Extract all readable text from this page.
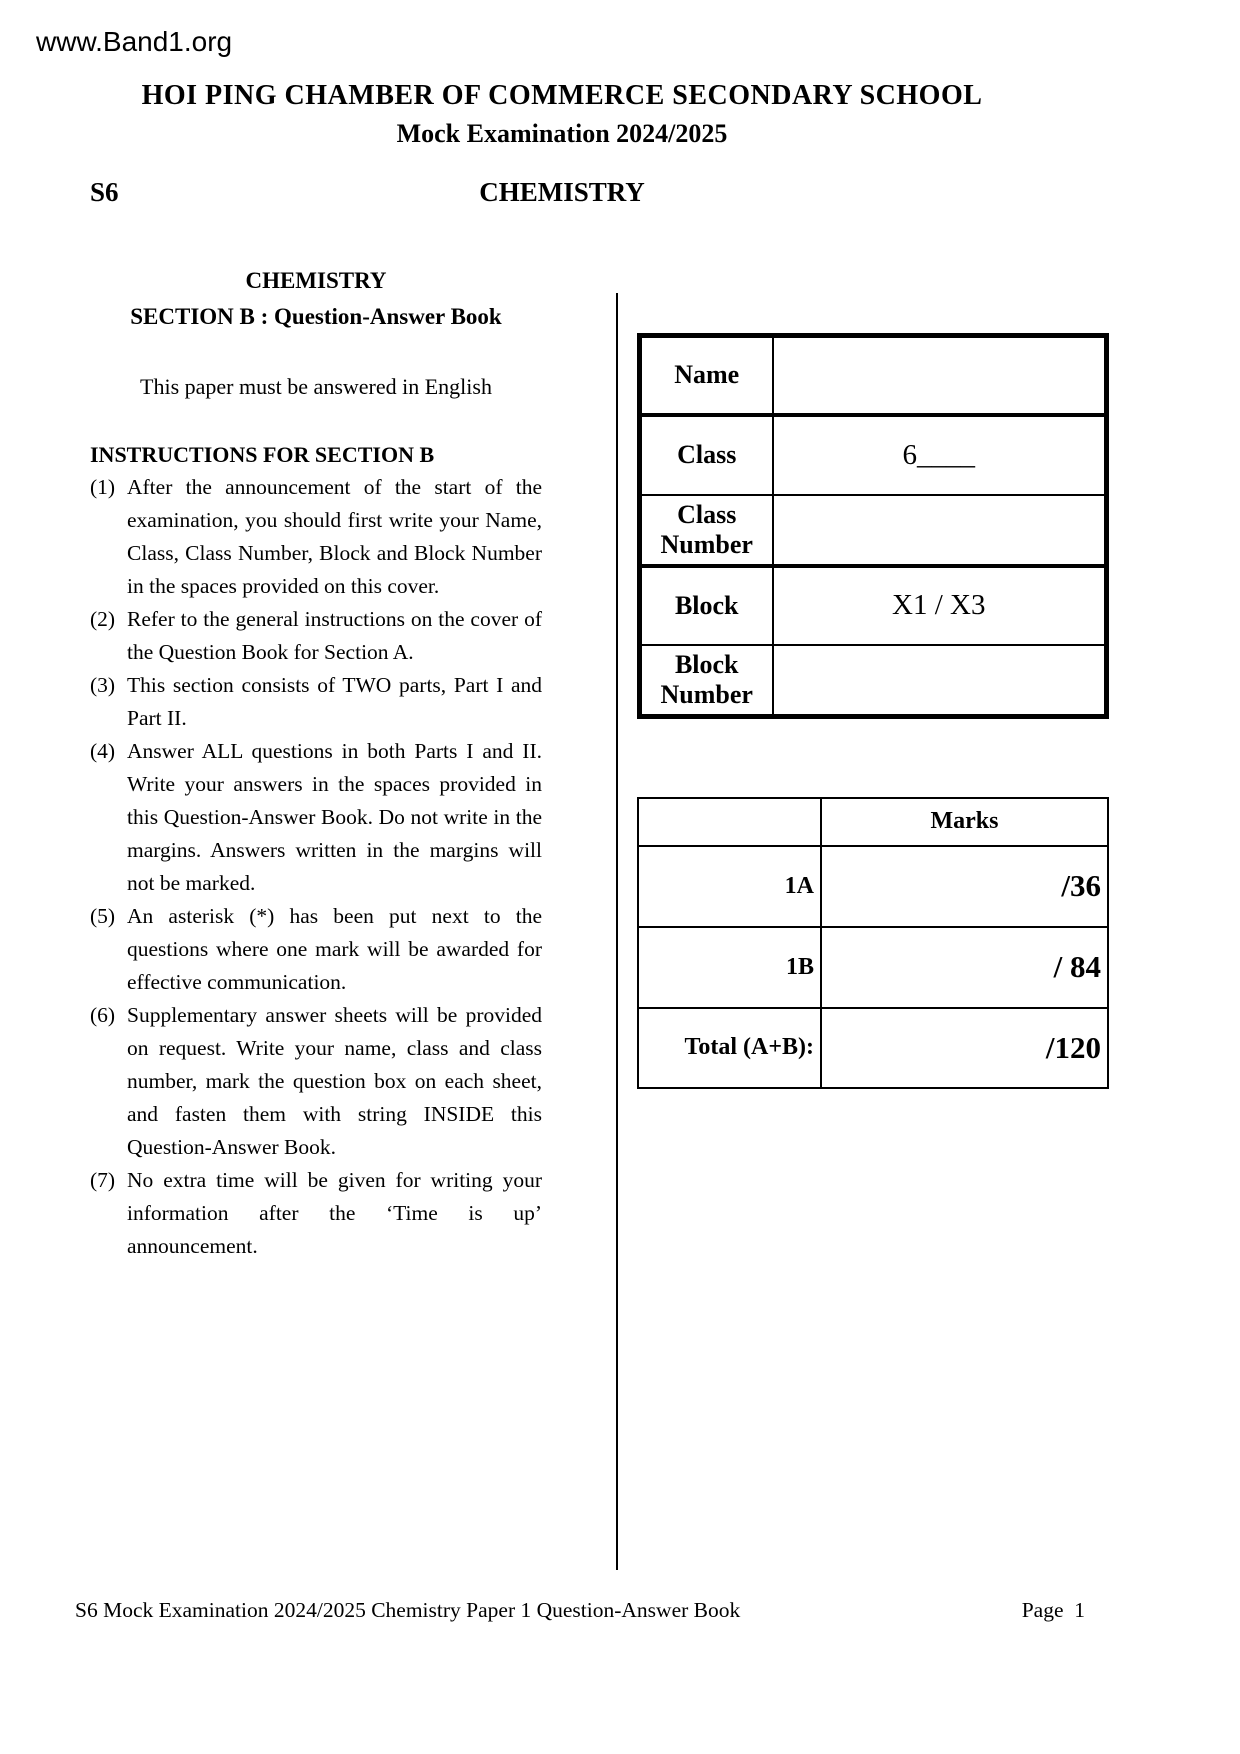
www.Band1.org
HOI PING CHAMBER OF COMMERCE SECONDARY SCHOOL
Mock Examination 2024/2025
S6	CHEMISTRY
CHEMISTRY
SECTION B : Question-Answer Book
This paper must be answered in English
INSTRUCTIONS FOR SECTION B
(1) After the announcement of the start of the examination, you should first write your Name, Class, Class Number, Block and Block Number in the spaces provided on this cover.
(2) Refer to the general instructions on the cover of the Question Book for Section A.
(3) This section consists of TWO parts, Part I and Part II.
(4) Answer ALL questions in both Parts I and II. Write your answers in the spaces provided in this Question-Answer Book. Do not write in the margins. Answers written in the margins will not be marked.
(5) An asterisk (*) has been put next to the questions where one mark will be awarded for effective communication.
(6) Supplementary answer sheets will be provided on request. Write your name, class and class number, mark the question box on each sheet, and fasten them with string INSIDE this Question-Answer Book.
(7) No extra time will be given for writing your information after the ‘Time is up’ announcement.
Name	
Class	6____
Class Number	
Block	X1 / X3
Block Number	
	Marks
1A	/36
1B	/ 84
Total (A+B):	/120
S6 Mock Examination 2024/2025 Chemistry Paper 1 Question-Answer Book	Page  1
